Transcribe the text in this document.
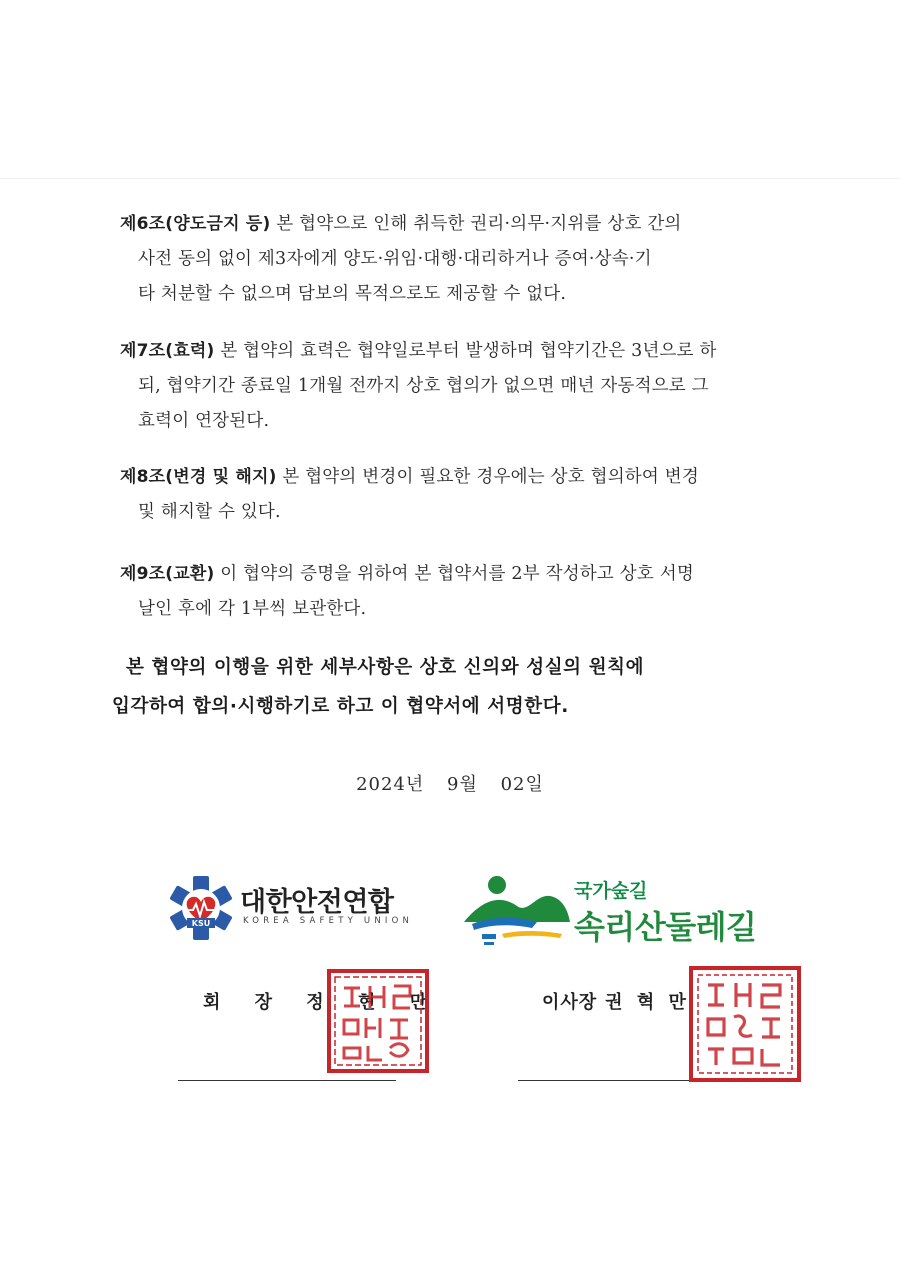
제6조(양도금지 등) 본 협약으로 인해 취득한 권리·의무·지위를 상호 간의
사전 동의 없이 제3자에게 양도·위임·대행·대리하거나 증여·상속·기
타 처분할 수 없으며 담보의 목적으로도 제공할 수 없다.
제7조(효력) 본 협약의 효력은 협약일로부터 발생하며 협약기간은 3년으로 하
되, 협약기간 종료일 1개월 전까지 상호 협의가 없으면 매년 자동적으로 그
효력이 연장된다.
제8조(변경 및 해지) 본 협약의 변경이 필요한 경우에는 상호 협의하여 변경
및 해지할 수 있다.
제9조(교환) 이 협약의 증명을 위하여 본 협약서를 2부 작성하고 상호 서명
날인 후에 각 1부씩 보관한다.
본 협약의 이행을 위한 세부사항은 상호 신의와 성실의 원칙에
입각하여 합의·시행하기로 하고 이 협약서에 서명한다.
2024년 9월 02일
KSU
대한안전연합
KOREA SAFETY UNION
국가숲길
속리산둘레길
회 장 정 현 만	이사장 권 혁 만
